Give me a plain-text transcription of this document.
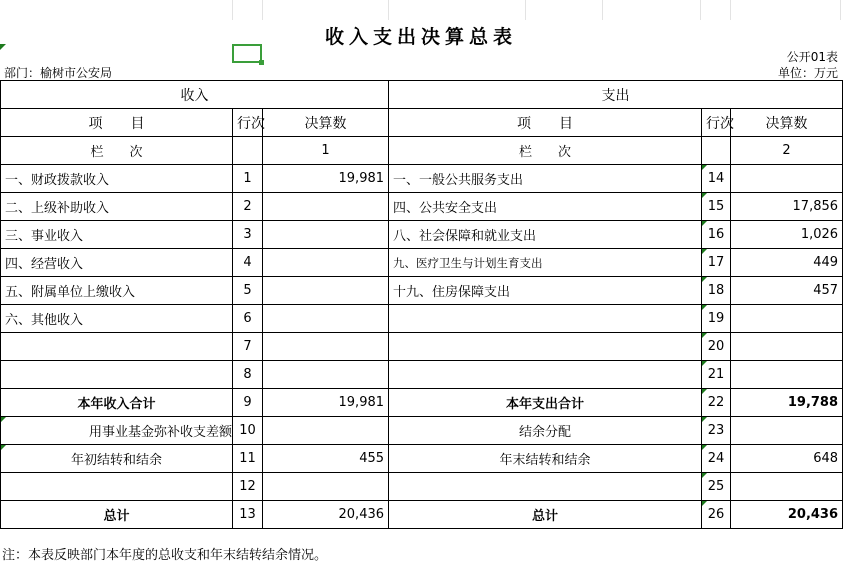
收入支出决算总表
部门：榆树市公安局
公开01表
单位：万元
收入			支出		
项　　目	行次	决算数	项　　目	行次	决算数
栏　　次		1	栏　　次		2
一、财政拨款收入	1	19,981	一、一般公共服务支出	14	
二、上级补助收入	2		四、公共安全支出	15	17,856
三、事业收入	3		八、社会保障和就业支出	16	1,026
四、经营收入	4		九、医疗卫生与计划生育支出	17	449
五、附属单位上缴收入	5		十九、住房保障支出	18	457
六、其他收入	6			19	
	7			20	
	8			21	
本年收入合计	9	19,981	本年支出合计	22	19,788
用事业基金弥补收支差额	10		结余分配	23	
年初结转和结余	11	455	年末结转和结余	24	648
	12			25	
总计	13	20,436	总计	26	20,436
注：本表反映部门本年度的总收支和年末结转结余情况。
